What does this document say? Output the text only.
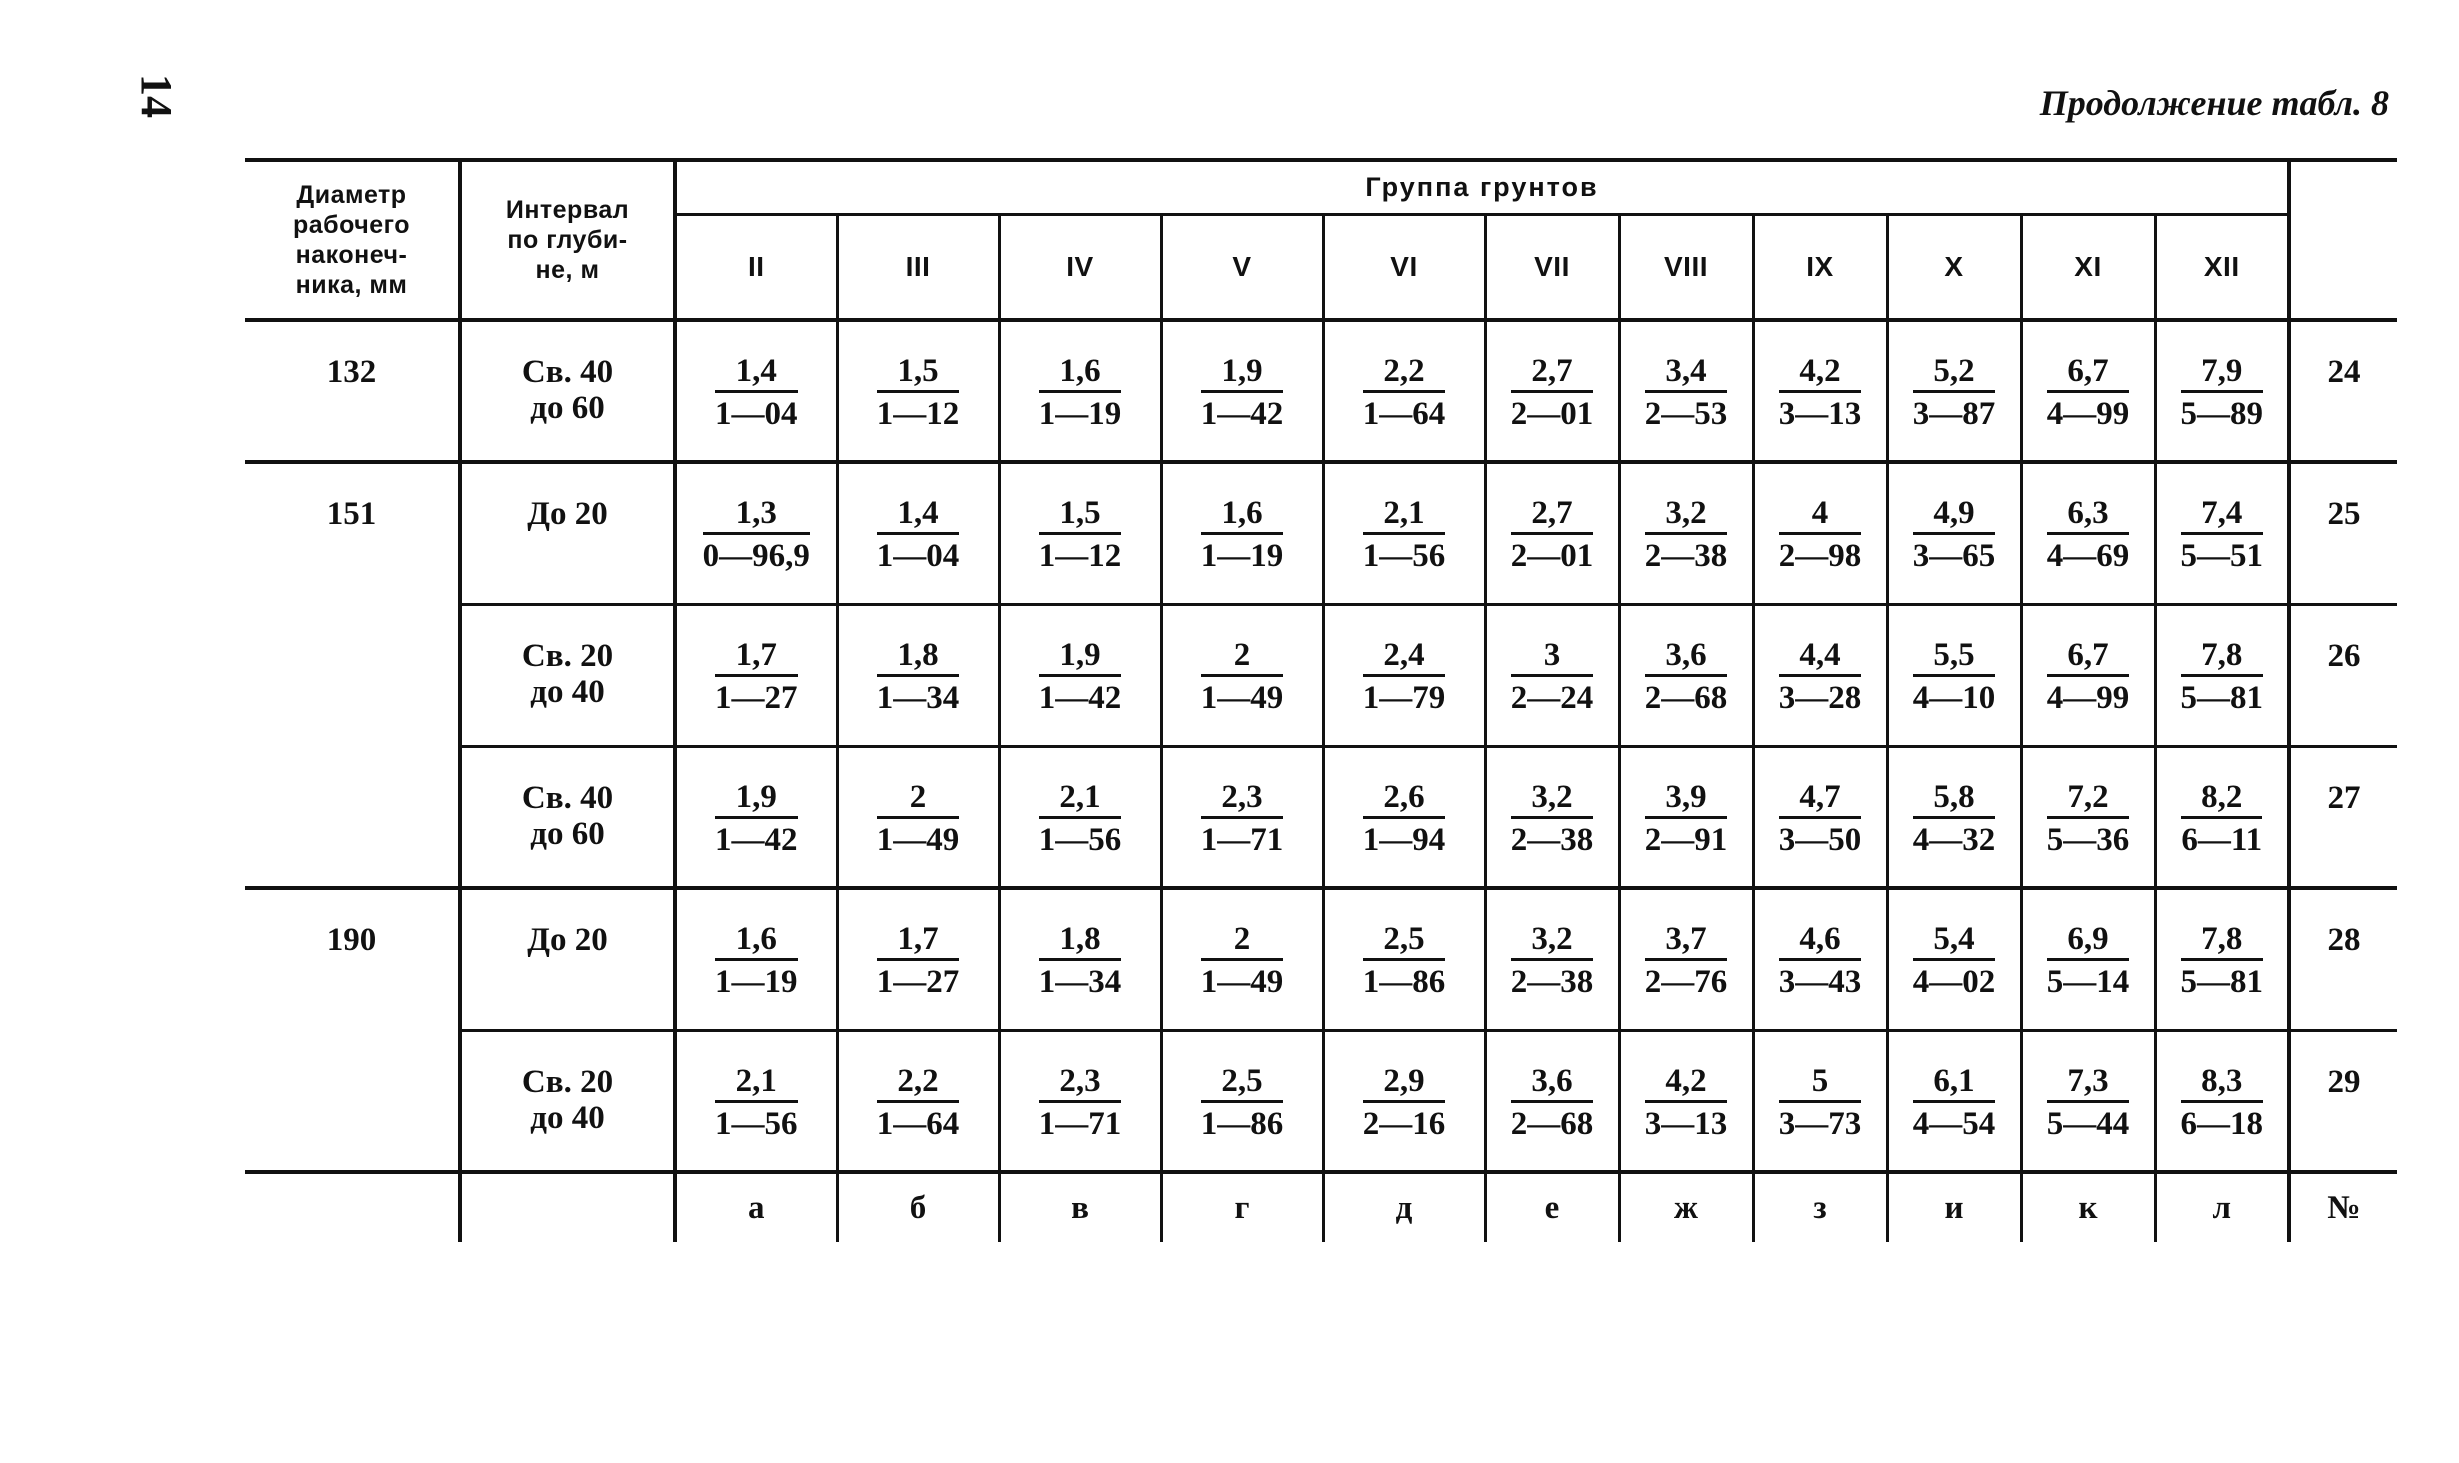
14	Продолжение табл. 8
Диаметр рабочего наконеч-ника, мм	Интервал по глуби-не, м	Группа грунтов											
		II	III	IV	V	VI	VII	VIII	IX	X	XI	XII	
132	Св. 40 до 60	$\frac{1,4}{1—04}$	$\frac{1,5}{1—12}$	$\frac{1,6}{1—19}$	$\frac{1,9}{1—42}$	$\frac{2,2}{1—64}$	$\frac{2,7}{2—01}$	$\frac{3,4}{2—53}$	$\frac{4,2}{3—13}$	$\frac{5,2}{3—87}$	$\frac{6,7}{4—99}$	$\frac{7,9}{5—89}$	24
151	До 20	$\frac{1,3}{0—96,9}$	$\frac{1,4}{1—04}$	$\frac{1,5}{1—12}$	$\frac{1,6}{1—19}$	$\frac{2,1}{1—56}$	$\frac{2,7}{2—01}$	$\frac{3,2}{2—38}$	$\frac{4}{2—98}$	$\frac{4,9}{3—65}$	$\frac{6,3}{4—69}$	$\frac{7,4}{5—51}$	25
	Св. 20 до 40	$\frac{1,7}{1—27}$	$\frac{1,8}{1—34}$	$\frac{1,9}{1—42}$	$\frac{2}{1—49}$	$\frac{2,4}{1—79}$	$\frac{3}{2—24}$	$\frac{3,6}{2—68}$	$\frac{4,4}{3—28}$	$\frac{5,5}{4—10}$	$\frac{6,7}{4—99}$	$\frac{7,8}{5—81}$	26
	Св. 40 до 60	$\frac{1,9}{1—42}$	$\frac{2}{1—49}$	$\frac{2,1}{1—56}$	$\frac{2,3}{1—71}$	$\frac{2,6}{1—94}$	$\frac{3,2}{2—38}$	$\frac{3,9}{2—91}$	$\frac{4,7}{3—50}$	$\frac{5,8}{4—32}$	$\frac{7,2}{5—36}$	$\frac{8,2}{6—11}$	27
190	До 20	$\frac{1,6}{1—19}$	$\frac{1,7}{1—27}$	$\frac{1,8}{1—34}$	$\frac{2}{1—49}$	$\frac{2,5}{1—86}$	$\frac{3,2}{2—38}$	$\frac{3,7}{2—76}$	$\frac{4,6}{3—43}$	$\frac{5,4}{4—02}$	$\frac{6,9}{5—14}$	$\frac{7,8}{5—81}$	28
	Св. 20 до 40	$\frac{2,1}{1—56}$	$\frac{2,2}{1—64}$	$\frac{2,3}{1—71}$	$\frac{2,5}{1—86}$	$\frac{2,9}{2—16}$	$\frac{3,6}{2—68}$	$\frac{4,2}{3—13}$	$\frac{5}{3—73}$	$\frac{6,1}{4—54}$	$\frac{7,3}{5—44}$	$\frac{8,3}{6—18}$	29
		а	б	в	г	д	е	ж	з	и	к	л	№
